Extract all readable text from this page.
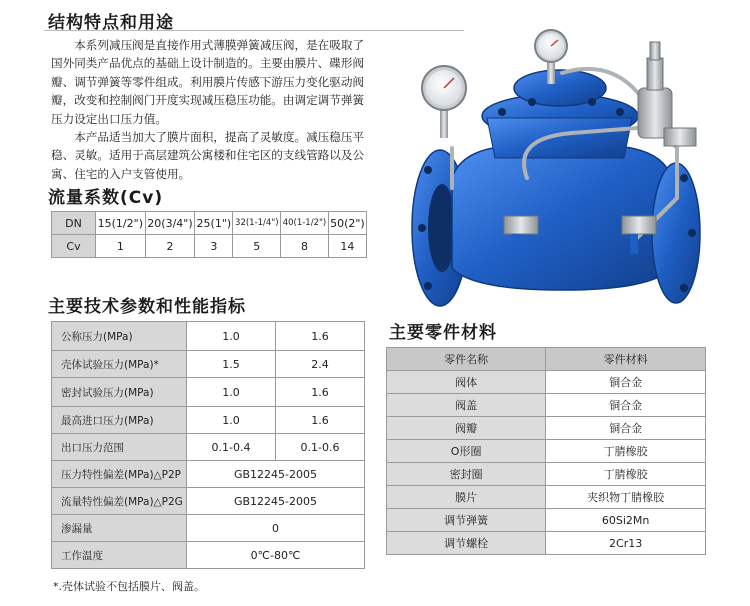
结构特点和用途

本系列减压阀是直接作用式薄膜弹簧减压阀，是在吸取了国外同类产品优点的基础上设计制造的。主要由膜片、碟形阀瓣、调节弹簧等零件组成。利用膜片传感下游压力变化驱动阀瓣，改变和控制阀门开度实现减压稳压功能。由调定调节弹簧压力设定出口压力值。

本产品适当加大了膜片面积，提高了灵敏度。减压稳压平稳、灵敏。适用于高层建筑公寓楼和住宅区的支线管路以及公寓、住宅的入户支管使用。

流量系数(Cv)
DN	15(1/2")	20(3/4")	25(1")	32(1-1/4")	40(1-1/2")	50(2")
Cv	1	2	3	5	8	14
主要技术参数和性能指标
公称压力(MPa)	1.0	1.6
壳体试验压力(MPa)*	1.5	2.4
密封试验压力(MPa)	1.0	1.6
最高进口压力(MPa)	1.0	1.6
出口压力范围	0.1-0.4	0.1-0.6
压力特性偏差(MPa)△P2P	GB12245-2005	
流量特性偏差(MPa)△P2G	GB12245-2005	
渗漏量	0	
工作温度	0℃-80℃	
主要零件材料
零件名称	零件材料
阀体	铜合金
阀盖	铜合金
阀瓣	铜合金
O形圈	丁腈橡胶
密封圈	丁腈橡胶
膜片	夹织物丁腈橡胶
调节弹簧	60Si2Mn
调节螺栓	2Cr13
*.壳体试验不包括膜片、阀盖。
